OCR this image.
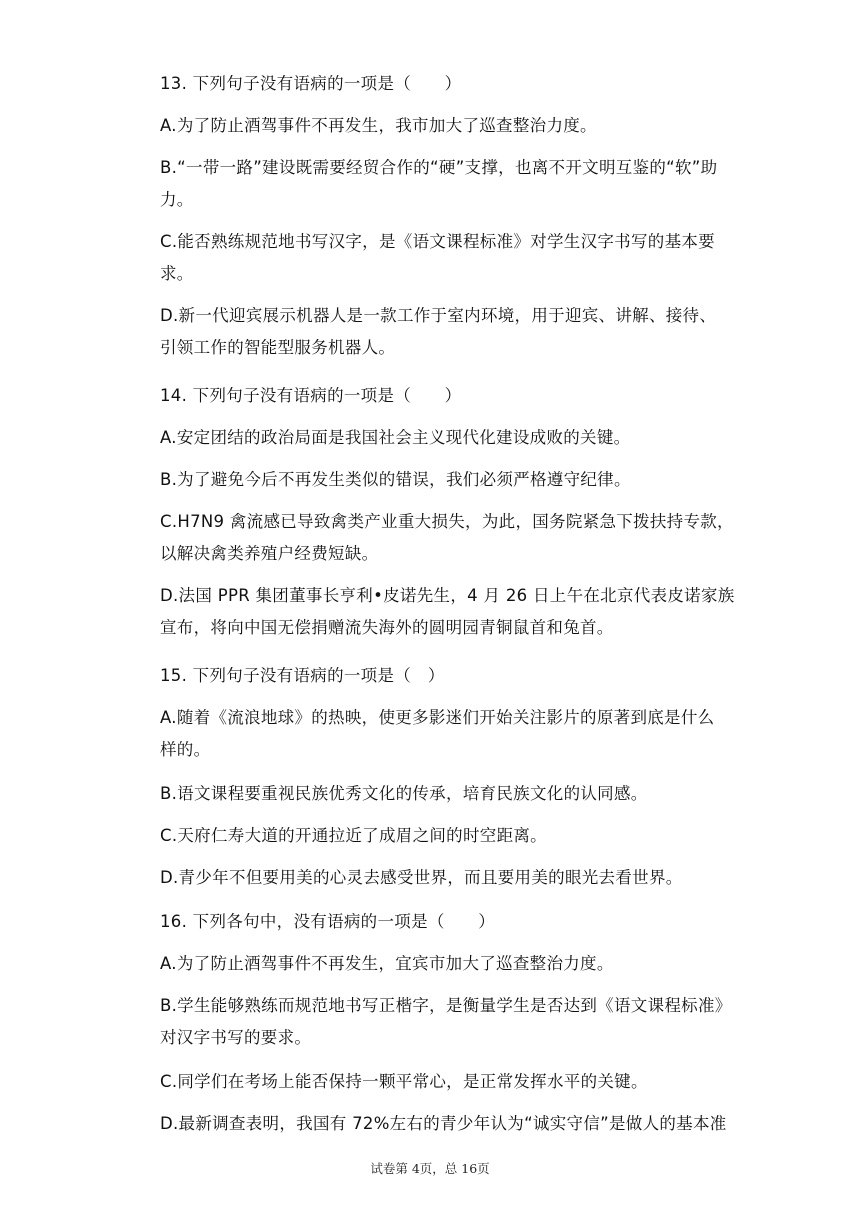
13. 下列句子没有语病的一项是（　　）
A.为了防止酒驾事件不再发生，我市加大了巡查整治力度。
B.“一带一路”建设既需要经贸合作的“硬”支撑，也离不开文明互鉴的“软”助
力。
C.能否熟练规范地书写汉字，是《语文课程标准》对学生汉字书写的基本要
求。
D.新一代迎宾展示机器人是一款工作于室内环境，用于迎宾、讲解、接待、
引领工作的智能型服务机器人。
14. 下列句子没有语病的一项是（　　）
A.安定团结的政治局面是我国社会主义现代化建设成败的关键。
B.为了避免今后不再发生类似的错误，我们必须严格遵守纪律。
C.H7N9 禽流感已导致禽类产业重大损失，为此，国务院紧急下拨扶持专款，
以解决禽类养殖户经费短缺。
D.法国 PPR 集团董事长亨利•皮诺先生，4 月 26 日上午在北京代表皮诺家族
宣布，将向中国无偿捐赠流失海外的圆明园青铜鼠首和兔首。
15. 下列句子没有语病的一项是（　）
A.随着《流浪地球》的热映，使更多影迷们开始关注影片的原著到底是什么
样的。
B.语文课程要重视民族优秀文化的传承，培育民族文化的认同感。
C.天府仁寿大道的开通拉近了成眉之间的时空距离。
D.青少年不但要用美的心灵去感受世界，而且要用美的眼光去看世界。
16. 下列各句中，没有语病的一项是（　　）
A.为了防止酒驾事件不再发生，宜宾市加大了巡查整治力度。
B.学生能够熟练而规范地书写正楷字，是衡量学生是否达到《语文课程标准》
对汉字书写的要求。
C.同学们在考场上能否保持一颗平常心，是正常发挥水平的关键。
D.最新调查表明，我国有 72%左右的青少年认为“诚实守信”是做人的基本准
试卷第 4页，总 16页
